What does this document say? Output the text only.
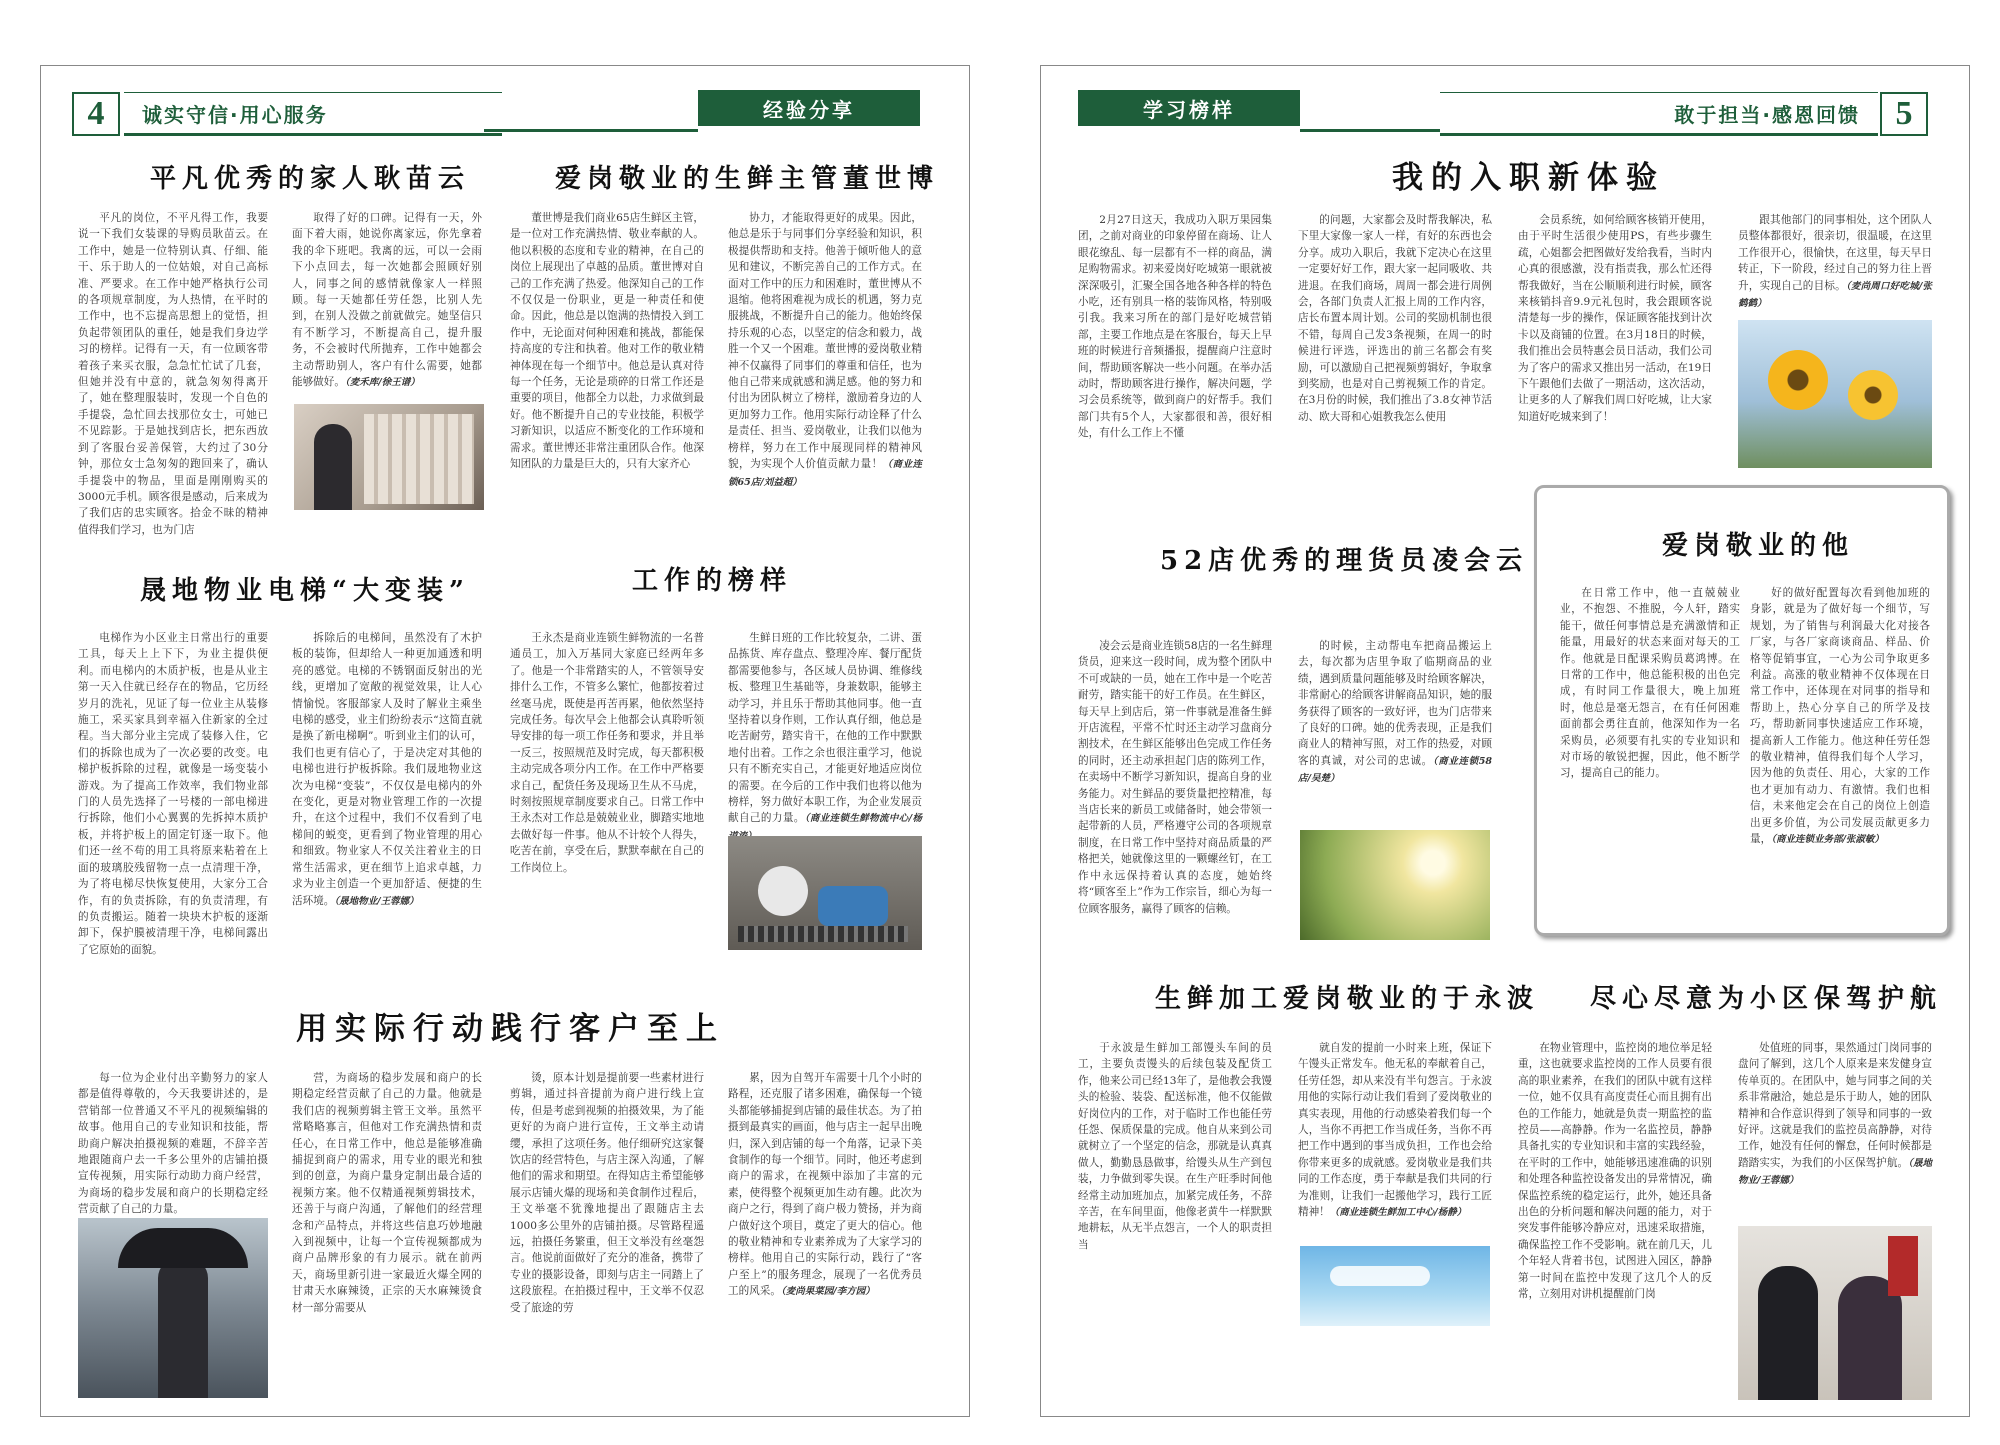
4	诚实守信·用心服务	经验分享	学习榜样	敢于担当·感恩回馈	5
平凡优秀的家人耿苗云
平凡的岗位，不平凡得工作，我要说一下我们女装课的导购员耿苗云。在工作中，她是一位特别认真、仔细、能干、乐于助人的一位姑娘，对自己高标准、严要求。在工作中她严格执行公司的各项规章制度，为人热情，在平时的工作中，也不忘提高思想上的觉悟，担负起带领团队的重任，她是我们身边学习的榜样。记得有一天，有一位顾客带着孩子来买衣服，急急忙忙试了几套，但她并没有中意的，就急匆匆得离开了，她在整理服装时，发现一个自色的手提袋，急忙回去找那位女士，可她已不见踪影。于是她找到店长，把东西放到了客服台妥善保管，大约过了30分钟，那位女士急匆匆的跑回来了，确认手提袋中的物品，里面是刚刚购买的3000元手机。顾客很是感动，后来成为了我们店的忠实顾客。拾金不昧的精神值得我们学习，也为门店
取得了好的口碑。记得有一天，外面下着大雨，她说你离家远，你先拿着我的伞下班吧。我离的远，可以一会雨下小点回去，每一次她都会照顾好别人，同事之间的感情就像家人一样照顾。每一天她都任劳任怨，比别人先到，在别人没做之前就做完。她坚信只有不断学习，不断提高自己，提升服务，不会被时代所抛弃，工作中她都会主动帮助别人，客户有什么需要，她都能够做好。（麦禾库/徐王谱）
爱岗敬业的生鲜主管董世博
董世博是我们商业65店生鲜区主管，是一位对工作充满热情、敬业奉献的人。他以积极的态度和专业的精神，在自己的岗位上展现出了卓越的品质。董世博对自己的工作充满了热爱。他深知自己的工作不仅仅是一份职业，更是一种责任和使命。因此，他总是以饱满的热情投入到工作中，无论面对何种困难和挑战，都能保持高度的专注和执着。他对工作的敬业精神体现在每一个细节中。他总是认真对待每一个任务，无论是琐碎的日常工作还是重要的项目，他都全力以赴，力求做到最好。他不断提升自己的专业技能，积极学习新知识，以适应不断变化的工作环境和需求。董世博还非常注重团队合作。他深知团队的力量是巨大的，只有大家齐心
协力，才能取得更好的成果。因此，他总是乐于与同事们分享经验和知识，积极提供帮助和支持。他善于倾听他人的意见和建议，不断完善自己的工作方式。在面对工作中的压力和困难时，董世博从不退缩。他将困难视为成长的机遇，努力克服挑战，不断提升自己的能力。他始终保持乐观的心态，以坚定的信念和毅力，战胜一个又一个困难。董世博的爱岗敬业精神不仅赢得了同事们的尊重和信任，也为他自己带来成就感和满足感。他的努力和付出为团队树立了榜样，激励着身边的人更加努力工作。他用实际行动诠释了什么是责任、担当、爱岗敬业，让我们以他为榜样，努力在工作中展现同样的精神风貌，为实现个人价值贡献力量！（商业连锁65店/刘益超）
晟地物业电梯“大变装”
电梯作为小区业主日常出行的重要工具，每天上上下下，为业主提供便利。而电梯内的木质护板，也是从业主第一天入住就已经存在的物品，它历经岁月的洗礼，见证了每一位业主从装修施工，采买家具到幸福入住新家的全过程。当大部分业主完成了装修入住，它们的拆除也成为了一次必要的改变。电梯护板拆除的过程，就像是一场变装小游戏。为了提高工作效率，我们物业部门的人员先选择了一号楼的一部电梯进行拆除，他们小心翼翼的先拆掉木质护板，并将护板上的固定钉逐一取下。他们还一丝不苟的用工具将原来粘着在上面的玻璃胶残留物一点一点清理干净，为了将电梯尽快恢复使用，大家分工合作，有的负责拆除，有的负责清理，有的负责搬运。随着一块块木护板的逐渐卸下，保护膜被清理干净，电梯间露出了它原始的面貌。
拆除后的电梯间，虽然没有了木护板的装饰，但却给人一种更加通透和明亮的感觉。电梯的不锈钢面反射出的光线，更增加了宽敞的视觉效果，让人心情愉悦。客服部家人及时了解业主乘坐电梯的感受，业主们纷纷表示“这简直就是换了新电梯啊”。听到业主们的认可，我们也更有信心了，于是决定对其他的电梯也进行护板拆除。我们晟地物业这次为电梯“变装”，不仅仅是电梯内的外在变化，更是对物业管理工作的一次提升，在这个过程中，我们不仅看到了电梯间的蜕变，更看到了物业管理的用心和细致。物业家人不仅关注着业主的日常生活需求，更在细节上追求卓越，力求为业主创造一个更加舒适、便捷的生活环境。（晟地物业/王蓉娜）
工作的榜样
王永杰是商业连锁生鲜物流的一名普通员工，加入万基同大家庭已经两年多了。他是一个非常踏实的人，不管领导安排什么工作，不管多么繁忙，他都按着过丝毫马虎，既使是再苦再累，他依然坚持完成任务。每次早会上他都会认真聆听领导安排的每一项工作任务和要求，并且举一反三，按照规范及时完成，每天都积极主动完成各项分内工作。在工作中严格要求自己，配货任务及现场卫生从不马虎，时刻按照规章制度要求自己。日常工作中王永杰对工作总是兢兢业业，脚踏实地地去做好每一件事。他从不计较个人得失，吃苦在前，享受在后，默默奉献在自己的工作岗位上。
生鲜日班的工作比较复杂，二讲、蛋品拣货、库存盘点、整理冷库、餐厅配货都需要他参与，各区域人员协调、维修线板、整理卫生基础等，身兼数职，能够主动学习，并且乐于帮助其他同事。他一直坚持着以身作则，工作认真仔细，他总是吃苦耐劳，踏实肯干，在他的工作中默默地付出着。工作之余也很注重学习，他说只有不断充实自己，才能更好地适应岗位的需要。在今后的工作中我们也将以他为榜样，努力做好本职工作，为企业发展贡献自己的力量。（商业连锁生鲜物流中心/杨
用实际行动践行客户至上
每一位为企业付出辛勤努力的家人都是值得尊敬的，今天我要讲述的，是营销部一位普通又不平凡的视频编辑的故事。他用自己的专业知识和技能，帮助商户解决拍摄视频的难题，不辞辛苦地跟随商户去一千多公里外的店铺拍摄宣传视频，用实际行动助力商户经营，为商场的稳步发展和商户的长期稳定经营贡献了自己的力量。
营，为商场的稳步发展和商户的长期稳定经营贡献了自己的力量。他就是我们店的视频剪辑主管王文举。虽然平常略略寡言，但他对工作充满热情和责任心，在日常工作中，他总是能够准确捕捉到商户的需求，用专业的眼光和独到的创意，为商户量身定制出最合适的视频方案。他不仅精通视频剪辑技术，还善于与商户沟通，了解他们的经营理念和产品特点，并将这些信息巧妙地融入到视频中，让每一个宣传视频都成为商户品牌形象的有力展示。就在前两天，商场里新引进一家最近火爆全网的甘肃天水麻辣烫，正宗的天水麻辣烫食材一部分需要从
烫，原本计划是提前要一些素材进行剪辑，通过抖音提前为商户进行线上宣传，但是考虑到视频的拍摄效果，为了能更好的为商户进行宣传，王文举主动请缨，承担了这项任务。他仔细研究这家餐饮店的经营特色，与店主深入沟通，了解他们的需求和期望。在得知店主希望能够展示店铺火爆的现场和美食制作过程后，王文举毫不犹豫地提出了跟随店主去1000多公里外的店铺拍摄。尽管路程遥远，拍摄任务繁重，但王文举没有丝毫怨言。他说前面做好了充分的准备，携带了专业的摄影设备，即刻与店主一同踏上了这段旅程。在拍摄过程中，王文举不仅忍受了旅途的劳
累，因为自驾开车需要十几个小时的路程，还克服了诸多困难，确保每一个镜头都能够捕捉到店铺的最佳状态。为了拍摄到最真实的画面，他与店主一起早出晚归，深入到店铺的每一个角落，记录下美食制作的每一个细节。同时，他还考虑到商户的需求，在视频中添加了丰富的元素，使得整个视频更加生动有趣。此次为商户之行，得到了商户极力赞扬，并为商户做好这个项目，奠定了更大的信心。他的敬业精神和专业素养成为了大家学习的榜样。他用自己的实际行动，践行了“客户至上”的服务理念，展现了一名优秀员工的风采。（麦尚果菜园/李方园）
我的入职新体验
2月27日这天，我成功入职万果园集团，之前对商业的印象停留在商场、让人眼花缭乱、每一层都有不一样的商品，满足购物需求。初来爱岗好吃城第一眼就被深深吸引，汇聚全国各地各种各样的特色小吃，还有别具一格的装饰风格，特别吸引我。我来习所在的部门是好吃城营销部，主要工作地点是在客服台，每天上早班的时候进行音频播报，提醒商户注意时间，帮助顾客解决一些小问题。在举办活动时，帮助顾客进行操作，解决问题，学习会员系统等，做到商户的好帮手。我们部门共有5个人，大家都很和善，很好相处，有什么工作上不懂
的问题，大家都会及时帮我解决，私下里大家像一家人一样，有好的东西也会分享。成功入职后，我就下定决心在这里一定要好好工作，跟大家一起同吸收、共进退。在我们商场，周周一都会进行周例会，各部门负责人汇报上周的工作内容，店长布置本周计划。公司的奖励机制也很不错，每周自己发3条视频，在周一的时候进行评选，评选出的前三名都会有奖励，可以激励自己把视频剪辑好，争取拿到奖励，也是对自己剪视频工作的肯定。在3月份的时候，我们推出了3.8女神节活动、欧大哥和心姐教我怎么使用
会员系统，如何给顾客核销开使用，由于平时生活很少使用PS，有些步骤生疏，心姐都会把图做好发给我看，当时内心真的很感激，没有指责我，那么忙还得帮我做好，当在公顺顺利进行时候，顾客来核销抖音9.9元礼包时，我会跟顾客说清楚每一步的操作，保证顾客能找到计次卡以及商铺的位置。在3月18日的时候，我们推出会员特惠会员日活动，我们公司为了客户的需求又推出另一活动，在19日下午跟他们去做了一期活动，这次活动，让更多的人了解我们周口好吃城，让大家知道好吃城来到了！
跟其他部门的同事相处，这个团队人员整体都很好，很亲切，很温暖，在这里工作很开心，很愉快，在这里，每天早日转正，下一阶段，经过自己的努力往上晋升，实现自己的目标。（麦尚周口好吃城/张鹤鹤）
52店优秀的理货员凌会云
凌会云是商业连锁58店的一名生鲜理货员，迎来这一段时间，成为整个团队中不可或缺的一员，她在工作中是一个吃苦耐劳，踏实能干的好工作员。在生鲜区，每天早上到店后，第一件事就是准备生鲜开店流程，平常不忙时还主动学习盘商分割技术，在生鲜区能够出色完成工作任务的同时，还主动承担起门店的陈列工作，在卖场中不断学习新知识，提高自身的业务能力。对生鲜品的要货量把控精准，每当店长来的新员工或储备时，她会带领一起带新的人员，严格遵守公司的各项规章制度，在日常工作中坚持对商品质量的严格把关，她就像这里的一颗螺丝钉，在工作中永远保持着认真的态度，她始终将“顾客至上”作为工作宗旨，细心为每一位顾客服务，赢得了顾客的信赖。
的时候，主动帮电车把商品搬运上去，每次都为店里争取了临期商品的业绩，遇到质量问题能够及时给顾客解决，非常耐心的给顾客讲解商品知识，她的服务获得了顾客的一致好评，也为门店带来了良好的口碑。她的优秀表现，正是我们商业人的精神写照，对工作的热爱，对顾客的真诚，对公司的忠诚。（商业连锁58店/吴楚）
爱岗敬业的他
在日常工作中，他一直兢兢业业，不抱怨、不推脱，今人轩，踏实能干，做任何事情总是充满激情和正能量，用最好的状态来面对每天的工作。他就是日配课采购员葛鸿博。在日常的工作中，他总能积极的出色完成，有时同工作量很大，晚上加班时，他总是毫无怨言，在有任何困难面前都会勇往直前，他深知作为一名采购员，必须要有扎实的专业知识和对市场的敏锐把握，因此，他不断学习，提高自己的能力。
好的做好配置每次看到他加班的身影，就是为了做好每一个细节，写规划，为了销售与利润最大化对接各厂家，与各厂家商谈商品、样品、价格等促销事宜，一心为公司争取更多利益。高涨的敬业精神不仅体现在日常工作中，还体现在对同事的指导和帮助上，热心分享自己的所学及技巧，帮助新同事快速适应工作环境，提高新人工作能力。他这种任劳任怨的敬业精神，值得我们每个人学习，因为他的负责任、用心，大家的工作也才更加有动力、有激情。我们也相信，未来他定会在自己的岗位上创造出更多价值，为公司发展贡献更多力量，（商业连锁业务部/张淑敏）
生鲜加工爱岗敬业的于永波
于永波是生鲜加工部馒头车间的员工，主要负责馒头的后续包装及配货工作，他来公司已经13年了，是他教会我馒头的检验、装袋、配送标准，他不仅能做好岗位内的工作，对于临时工作也能任劳任怨、保质保量的完成。他自从来到公司就树立了一个坚定的信念，那就是认真真做人，勤勤恳恳做事，给馒头从生产到包装，力争做到零失误。在生产旺季时间他经常主动加班加点，加紧完成任务，不辞辛苦，在车间里面，他像老黄牛一样默默地耕耘，从无半点怨言，一个人的职责担当
就自发的提前一小时来上班，保证下午馒头正常发车。他无私的奉献着自己，任劳任怨，却从来没有半句怨言。于永波用他的实际行动让我们看到了爱岗敬业的真实表现，用他的行动感染着我们每一个人，当你不再把工作当成任务，当你不再把工作中遇到的事当成负担，工作也会给你带来更多的成就感。爱岗敬业是我们共同的工作态度，勇于奉献是我们共同的行为准则，让我们一起搬他学习，践行工匠精神！（商业连锁生鲜加工中心/杨静）
尽心尽意为小区保驾护航
在物业管理中，监控岗的地位举足轻重，这也就要求监控岗的工作人员要有很高的职业素养，在我们的团队中就有这样一位，她不仅具有高度责任心而且拥有出色的工作能力，她就是负责一期监控的监控员——高静静。作为一名监控员，静静具备扎实的专业知识和丰富的实践经验，在平时的工作中，她能够迅速准确的识别和处理各种监控设备发出的异常情况，确保监控系统的稳定运行，此外，她还具备出色的分析问题和解决问题的能力，对于突发事件能够冷静应对，迅速采取措施，确保监控工作不受影响。就在前几天，儿个年轻人背着书包，试图进入园区，静静第一时间在监控中发现了这几个人的反常，立刻用对讲机提醒前门岗
处值班的同事，果然通过门岗同事的盘问了解到，这几个人原来是来发健身宣传单页的。在团队中，她与同事之间的关系非常融洽，她总是乐于助人，她的团队精神和合作意识得到了领导和同事的一致好评。这就是我们的监控员高静静，对待工作，她没有任何的懈怠，任何时候都是踏踏实实，为我们的小区保驾护航。（晟地物业/王蓉娜）
